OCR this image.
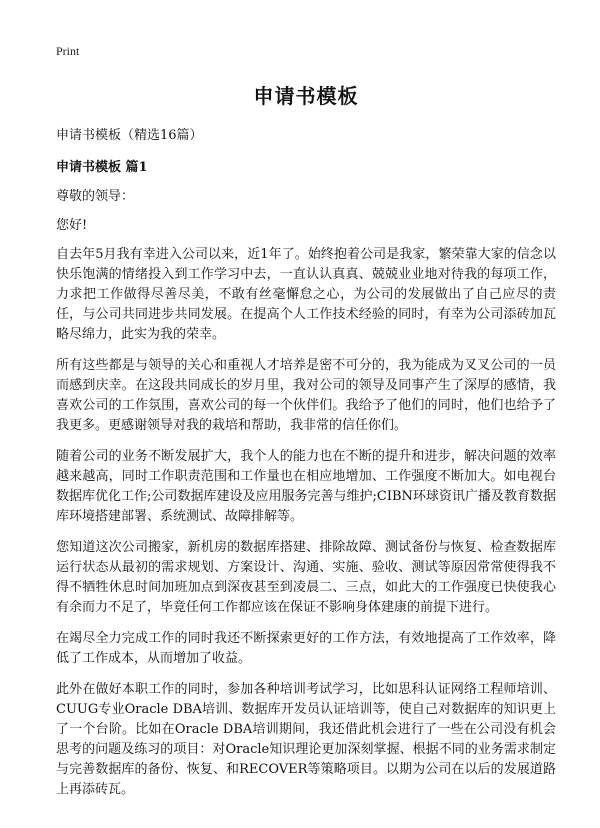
Print
申请书模板
申请书模板（精选16篇）
申请书模板 篇1
尊敬的领导：
您好!

自去年5月我有幸进入公司以来，近1年了。始终抱着公司是我家，繁荣靠大家的信念以快乐饱满的情绪投入到工作学习中去，一直认认真真、兢兢业业地对待我的每项工作，力求把工作做得尽善尽美，不敢有丝毫懈怠之心，为公司的发展做出了自己应尽的责任，与公司共同进步共同发展。在提高个人工作技术经验的同时，有幸为公司添砖加瓦略尽绵力，此实为我的荣幸。

所有这些都是与领导的关心和重视人才培养是密不可分的，我为能成为叉叉公司的一员而感到庆幸。在这段共同成长的岁月里，我对公司的领导及同事产生了深厚的感情，我喜欢公司的工作氛围，喜欢公司的每一个伙伴们。我给予了他们的同时，他们也给予了我更多。更感谢领导对我的栽培和帮助，我非常的信任你们。

随着公司的业务不断发展扩大，我个人的能力也在不断的提升和进步，解决问题的效率越来越高，同时工作职责范围和工作量也在相应地增加、工作强度不断加大。如电视台数据库优化工作;公司数据库建设及应用服务完善与维护;CIBN环球资讯广播及教育数据库环境搭建部署、系统测试、故障排解等。

您知道这次公司搬家，新机房的数据库搭建、排除故障、测试备份与恢复、检查数据库运行状态从最初的需求规划、方案设计、沟通、实施、验收、测试等原因常常使得我不得不牺牲休息时间加班加点到深夜甚至到凌晨二、三点，如此大的工作强度已快使我心有余而力不足了，毕竟任何工作都应该在保证不影响身体建康的前提下进行。

在竭尽全力完成工作的同时我还不断探索更好的工作方法，有效地提高了工作效率，降低了工作成本，从而增加了收益。

此外在做好本职工作的同时，参加各种培训考试学习，比如思科认证网络工程师培训、CUUG专业Oracle DBA培训、数据库开发员认证培训等，使自己对数据库的知识更上了一个台阶。比如在Oracle DBA培训期间，我还借此机会进行了一些在公司没有机会思考的问题及练习的项目：对Oracle知识理论更加深刻掌握、根据不同的业务需求制定与完善数据库的备份、恢复、和RECOVER等策略项目。以期为公司在以后的发展道路上再添砖瓦。
